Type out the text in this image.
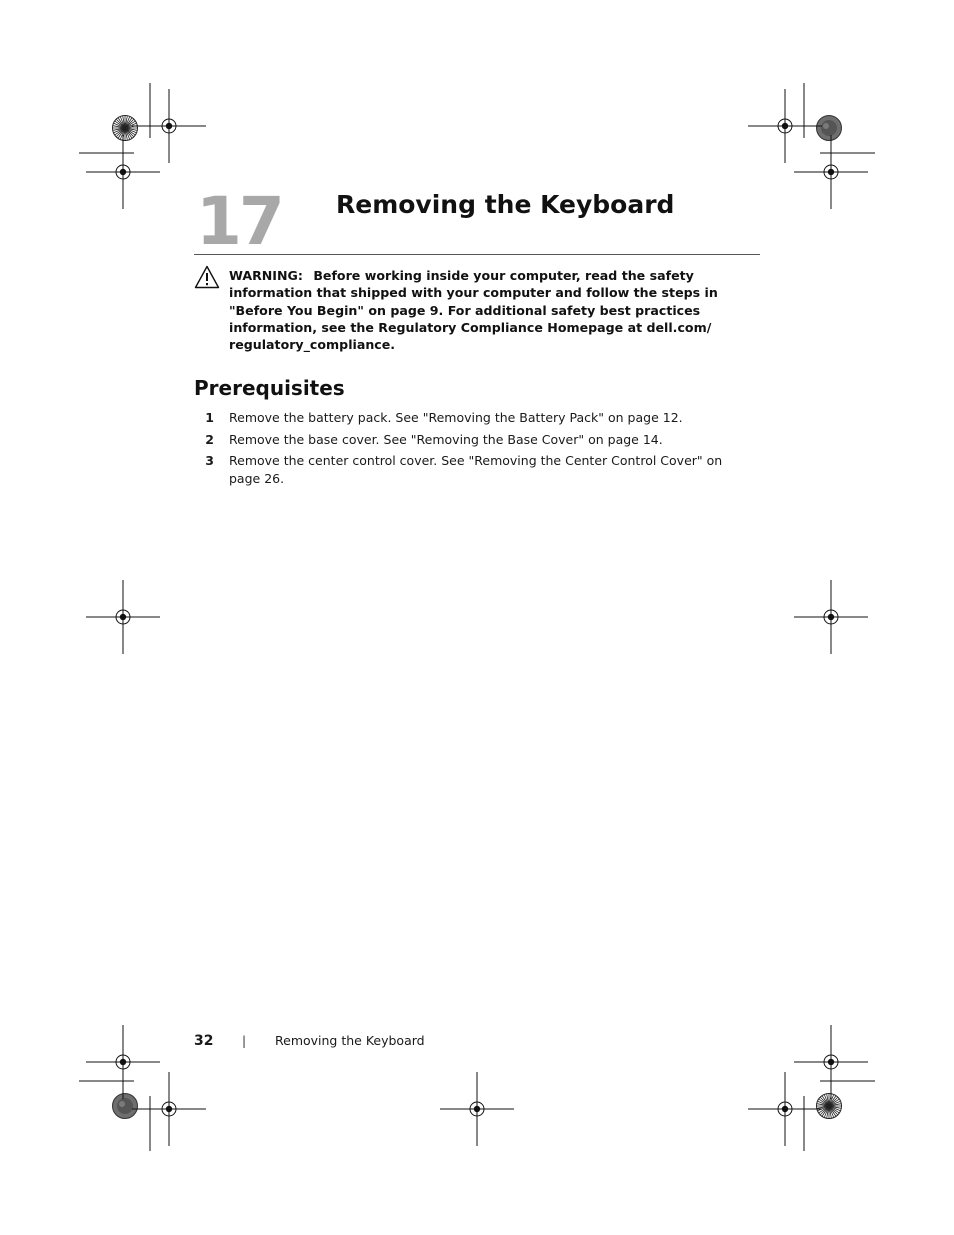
17 Removing the Keyboard

WARNING: Before working inside your computer, read the safety information that shipped with your computer and follow the steps in "Before You Begin" on page 9. For additional safety best practices information, see the Regulatory Compliance Homepage at dell.com/ regulatory_compliance.

Prerequisites
1 Remove the battery pack. See "Removing the Battery Pack" on page 12.
2 Remove the base cover. See "Removing the Base Cover" on page 14.
3 Remove the center control cover. See "Removing the Center Control Cover" on page 26.
32 | Removing the Keyboard
